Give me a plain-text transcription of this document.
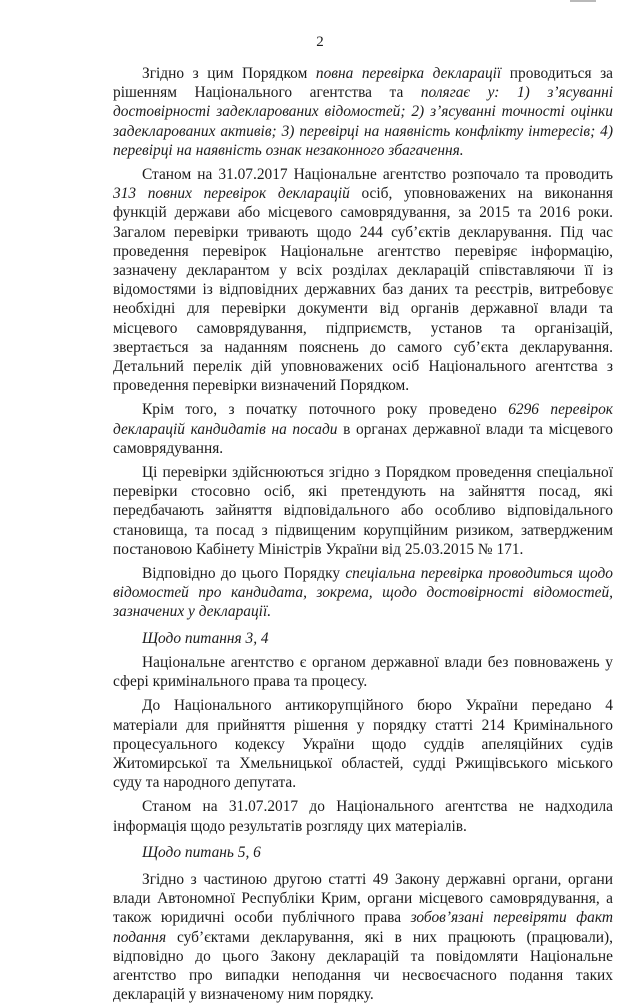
2

Згідно з цим Порядком повна перевірка декларації проводиться за рішенням Національного агентства та полягає у: 1) з’ясуванні достовірності задекларованих відомостей; 2) з’ясуванні точності оцінки задекларованих активів; 3) перевірці на наявність конфлікту інтересів; 4) перевірці на наявність ознак незаконного збагачення.

Станом на 31.07.2017 Національне агентство розпочало та проводить 313 повних перевірок декларацій осіб, уповноважених на виконання функцій держави або місцевого самоврядування, за 2015 та 2016 роки. Загалом перевірки тривають щодо 244 суб’єктів декларування. Під час проведення перевірок Національне агентство перевіряє інформацію, зазначену декларантом у всіх розділах декларацій співставляючи її із відомостями із відповідних державних баз даних та реєстрів, витребовує необхідні для перевірки документи від органів державної влади та місцевого самоврядування, підприємств, установ та організацій, звертається за наданням пояснень до самого суб’єкта декларування. Детальний перелік дій уповноважених осіб Національного агентства з проведення перевірки визначений Порядком.

Крім того, з початку поточного року проведено 6296 перевірок декларацій кандидатів на посади в органах державної влади та місцевого самоврядування.

Ці перевірки здійснюються згідно з Порядком проведення спеціальної перевірки стосовно осіб, які претендують на зайняття посад, які передбачають зайняття відповідального або особливо відповідального становища, та посад з підвищеним корупційним ризиком, затвердженим постановою Кабінету Міністрів України від 25.03.2015 № 171.

Відповідно до цього Порядку спеціальна перевірка проводиться щодо відомостей про кандидата, зокрема, щодо достовірності відомостей, зазначених у декларації.

Щодо питання 3, 4

Національне агентство є органом державної влади без повноважень у сфері кримінального права та процесу.

До Національного антикорупційного бюро України передано 4 матеріали для прийняття рішення у порядку статті 214 Кримінального процесуального кодексу України щодо суддів апеляційних судів Житомирської та Хмельницької областей, судді Ржищівського міського суду та народного депутата.

Станом на 31.07.2017 до Національного агентства не надходила інформація щодо результатів розгляду цих матеріалів.

Щодо питань 5, 6

Згідно з частиною другою статті 49 Закону державні органи, органи влади Автономної Республіки Крим, органи місцевого самоврядування, а також юридичні особи публічного права зобов’язані перевіряти факт подання суб’єктами декларування, які в них працюють (працювали), відповідно до цього Закону декларацій та повідомляти Національне агентство про випадки неподання чи несвоєчасного подання таких декларацій у визначеному ним порядку.
